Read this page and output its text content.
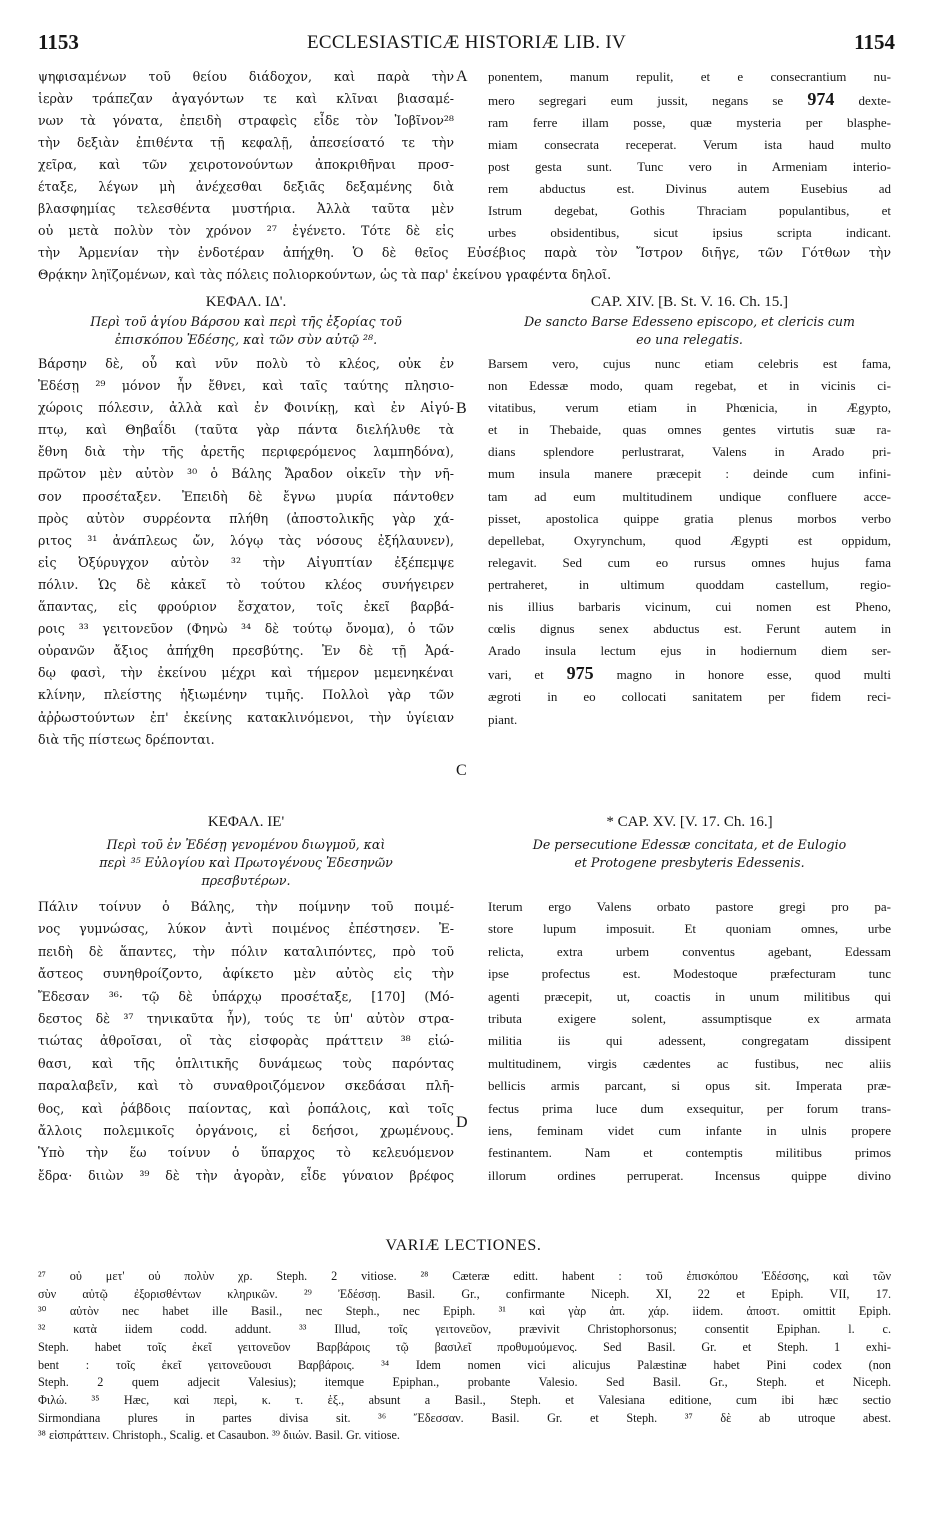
1153	ECCLESIASTICÆ HISTORIÆ LIB. IV	1154
A
B
C
D
ψηφισαμένων τοῦ θείου διάδοχον, καὶ παρὰ τὴν
ἱερὰν τράπεζαν ἀγαγόντων τε καὶ κλῖναι βιασαμέ-
νων τὰ γόνατα, ἐπειδὴ στραφεὶς εἶδε τὸν Ἰοβῖνον²⁸
τὴν δεξιὰν ἐπιθέντα τῇ κεφαλῇ, ἀπεσείσατό τε τὴν
χεῖρα, καὶ τῶν χειροτονούντων ἀποκριθῆναι προσ-
έταξε, λέγων μὴ ἀνέχεσθαι δεξιᾶς δεξαμένης διὰ
βλασφημίας τελεσθέντα μυστήρια. Ἀλλὰ ταῦτα μὲν
οὐ μετὰ πολὺν τὸν χρόνον ²⁷ ἐγένετο. Τότε δὲ εἰς
ponentem, manum repulit, et e consecrantium nu-
mero segregari eum jussit, negans se 974 dexte-
ram ferre illam posse, quæ mysteria per blasphe-
miam consecrata receperat. Verum ista haud multo
post gesta sunt. Tunc vero in Armeniam interio-
rem abductus est. Divinus autem Eusebius ad
Istrum degebat, Gothis Thraciam populantibus, et
urbes obsidentibus, sicut ipsius scripta indicant.
τὴν Ἀρμενίαν τὴν ἐνδοτέραν ἀπήχθη. Ὁ δὲ θεῖος Εὐσέβιος παρὰ τὸν Ἴστρον διῆγε, τῶν Γότθων τὴν
Θρᾴκην ληϊζομένων, καὶ τὰς πόλεις πολιορκούντων, ὡς τὰ παρ' ἐκείνου γραφέντα δηλοῖ.
ΚΕΦΑΛ. ΙΔ'.
Περὶ τοῦ ἁγίου Βάρσου καὶ περὶ τῆς ἐξορίας τοῦ
ἐπισκόπου Ἐδέσης, καὶ τῶν σὺν αὐτῷ ²⁸.
CAP. XIV. [B. St. V. 16. Ch. 15.]
De sancto Barse Edesseno episcopo, et clericis cum
eo una relegatis.
Βάρσην δὲ, οὗ καὶ νῦν πολὺ τὸ κλέος, οὐκ ἐν
Ἐδέσῃ ²⁹ μόνον ἦν ἔθνει, καὶ ταῖς ταύτης πλησιο-
χώροις πόλεσιν, ἀλλὰ καὶ ἐν Φοινίκῃ, καὶ ἐν Αἰγύ-
πτῳ, καὶ Θηβαΐδι (ταῦτα γὰρ πάντα διελήλυθε τὰ
ἔθνη διὰ τὴν τῆς ἀρετῆς περιφερόμενος λαμπηδόνα),
πρῶτον μὲν αὐτὸν ³⁰ ὁ Βάλης Ἄραδον οἰκεῖν τὴν νῆ-
σον προσέταξεν. Ἐπειδὴ δὲ ἔγνω μυρία πάντοθεν
πρὸς αὐτὸν συρρέοντα πλήθη (ἀποστολικῆς γὰρ χά-
ριτος ³¹ ἀνάπλεως ὤν, λόγῳ τὰς νόσους ἐξήλαυνεν),
εἰς Ὀξύρυγχον αὐτὸν ³² τὴν Αἰγυπτίαν ἐξέπεμψε
πόλιν. Ὡς δὲ κἀκεῖ τὸ τούτου κλέος συνήγειρεν
ἅπαντας, εἰς φρούριον ἔσχατον, τοῖς ἐκεῖ βαρβά-
ροις ³³ γειτονεῦον (Φηνὼ ³⁴ δὲ τούτῳ ὄνομα), ὁ τῶν
οὐρανῶν ἄξιος ἀπήχθη πρεσβύτης. Ἐν δὲ τῇ Ἀρά-
δῳ φασὶ, τὴν ἐκείνου μέχρι καὶ τήμερον μεμενηκέναι
κλίνην, πλείστης ἠξιωμένην τιμῆς. Πολλοὶ γὰρ τῶν
ἀῤῥωστούντων ἐπ' ἐκείνης κατακλινόμενοι, τὴν ὑγίειαν
διὰ τῆς πίστεως δρέπονται.
Barsem vero, cujus nunc etiam celebris est fama,
non Edessæ modo, quam regebat, et in vicinis ci-
vitatibus, verum etiam in Phœnicia, in Ægypto,
et in Thebaide, quas omnes gentes virtutis suæ ra-
dians splendore perlustrarat, Valens in Arado pri-
mum insula manere præcepit : deinde cum infini-
tam ad eum multitudinem undique confluere acce-
pisset, apostolica quippe gratia plenus morbos verbo
depellebat, Oxyrynchum, quod Ægypti est oppidum,
relegavit. Sed cum eo rursus omnes hujus fama
pertraheret, in ultimum quoddam castellum, regio-
nis illius barbaris vicinum, cui nomen est Pheno,
cœlis dignus senex abductus est. Ferunt autem in
Arado insula lectum ejus in hodiernum diem ser-
vari, et 975 magno in honore esse, quod multi
ægroti in eo collocati sanitatem per fidem reci-
piant.
ΚΕΦΑΛ. ΙΕ'
Περὶ τοῦ ἐν Ἐδέσῃ γενομένου διωγμοῦ, καὶ
περὶ ³⁵ Εὐλογίου καὶ Πρωτογένους Ἐδεσηνῶν
πρεσβυτέρων.
* CAP. XV. [V. 17. Ch. 16.]
De persecutione Edessæ concitata, et de Eulogio
et Protogene presbyteris Edessenis.
Πάλιν τοίνυν ὁ Βάλης, τὴν ποίμνην τοῦ ποιμέ-
νος γυμνώσας, λύκον ἀντὶ ποιμένος ἐπέστησεν. Ἐ-
πειδὴ δὲ ἅπαντες, τὴν πόλιν καταλιπόντες, πρὸ τοῦ
ἄστεος συνηθροίζοντο, ἀφίκετο μὲν αὐτὸς εἰς τὴν
Ἔδεσαν ³⁶· τῷ δὲ ὑπάρχῳ προσέταξε, [170] (Μό-
δεστος δὲ ³⁷ τηνικαῦτα ἦν), τούς τε ὑπ' αὐτὸν στρα-
τιώτας ἀθροῖσαι, οἳ τὰς εἰσφορὰς πράττειν ³⁸ εἰώ-
θασι, καὶ τῆς ὁπλιτικῆς δυνάμεως τοὺς παρόντας
παραλαβεῖν, καὶ τὸ συναθροιζόμενον σκεδάσαι πλῆ-
θος, καὶ ῥάβδοις παίοντας, καὶ ῥοπάλοις, καὶ τοῖς
ἄλλοις πολεμικοῖς ὀργάνοις, εἰ δεήσοι, χρωμένους.
Ὑπὸ τὴν ἕω τοίνυν ὁ ὕπαρχος τὸ κελευόμενον
ἔδρα· διιὼν ³⁹ δὲ τὴν ἀγορὰν, εἶδε γύναιον βρέφος
Iterum ergo Valens orbato pastore gregi pro pa-
store lupum imposuit. Et quoniam omnes, urbe
relicta, extra urbem conventus agebant, Edessam
ipse profectus est. Modestoque præfecturam tunc
agenti præcepit, ut, coactis in unum militibus qui
tributa exigere solent, assumptisque ex armata
militia iis qui adessent, congregatam dissipent
multitudinem, virgis cædentes ac fustibus, nec aliis
bellicis armis parcant, si opus sit. Imperata præ-
fectus prima luce dum exsequitur, per forum trans-
iens, feminam videt cum infante in ulnis propere
festinantem. Nam et contemptis militibus primos
illorum ordines perruperat. Incensus quippe divino
VARIÆ LECTIONES.
²⁷ οὐ μετ' οὐ πολὺν χρ. Steph. 2 vitiose. ²⁸ Cæteræ editt. habent : τοῦ ἐπισκόπου Ἐδέσσης, καὶ τῶν
σὺν αὐτῷ ἐξορισθέντων κληρικῶν. ²⁹ Ἐδέσσῃ. Basil. Gr., confirmante Niceph. XI, 22 et Epiph. VII, 17.
³⁰ αὐτὸν nec habet ille Basil., nec Steph., nec Epiph. ³¹ καὶ γὰρ ἀπ. χάρ. iidem. ἀποστ. omittit Epiph.
³² κατὰ iidem codd. addunt. ³³ Illud, τοῖς γειτονεῦον, prævivit Christophorsonus; consentit Epiphan. l. c.
Steph. habet τοῖς ἐκεῖ γειτονεῦον Βαρβάροις τῷ βασιλεῖ προθυμούμενος. Sed Basil. Gr. et Steph. 1 exhi-
bent : τοῖς ἐκεῖ γειτονεῦουσι Βαρβάροις. ³⁴ Idem nomen vici alicujus Palæstinæ habet Pini codex (non
Steph. 2 quem adjecit Valesius); itemque Epiphan., probante Valesio. Sed Basil. Gr., Steph. et Niceph.
Φιλώ. ³⁵ Hæc, καὶ περὶ, κ. τ. ἑξ., absunt a Basil., Steph. et Valesiana editione, cum ibi hæc sectio
Sirmondiana plures in partes divisa sit. ³⁶ Ἔδεσσαν. Basil. Gr. et Steph. ³⁷ δὲ ab utroque abest.
³⁸ εἰσπράττειν. Christoph., Scalig. et Casaubon. ³⁹ διιών. Basil. Gr. vitiose.
